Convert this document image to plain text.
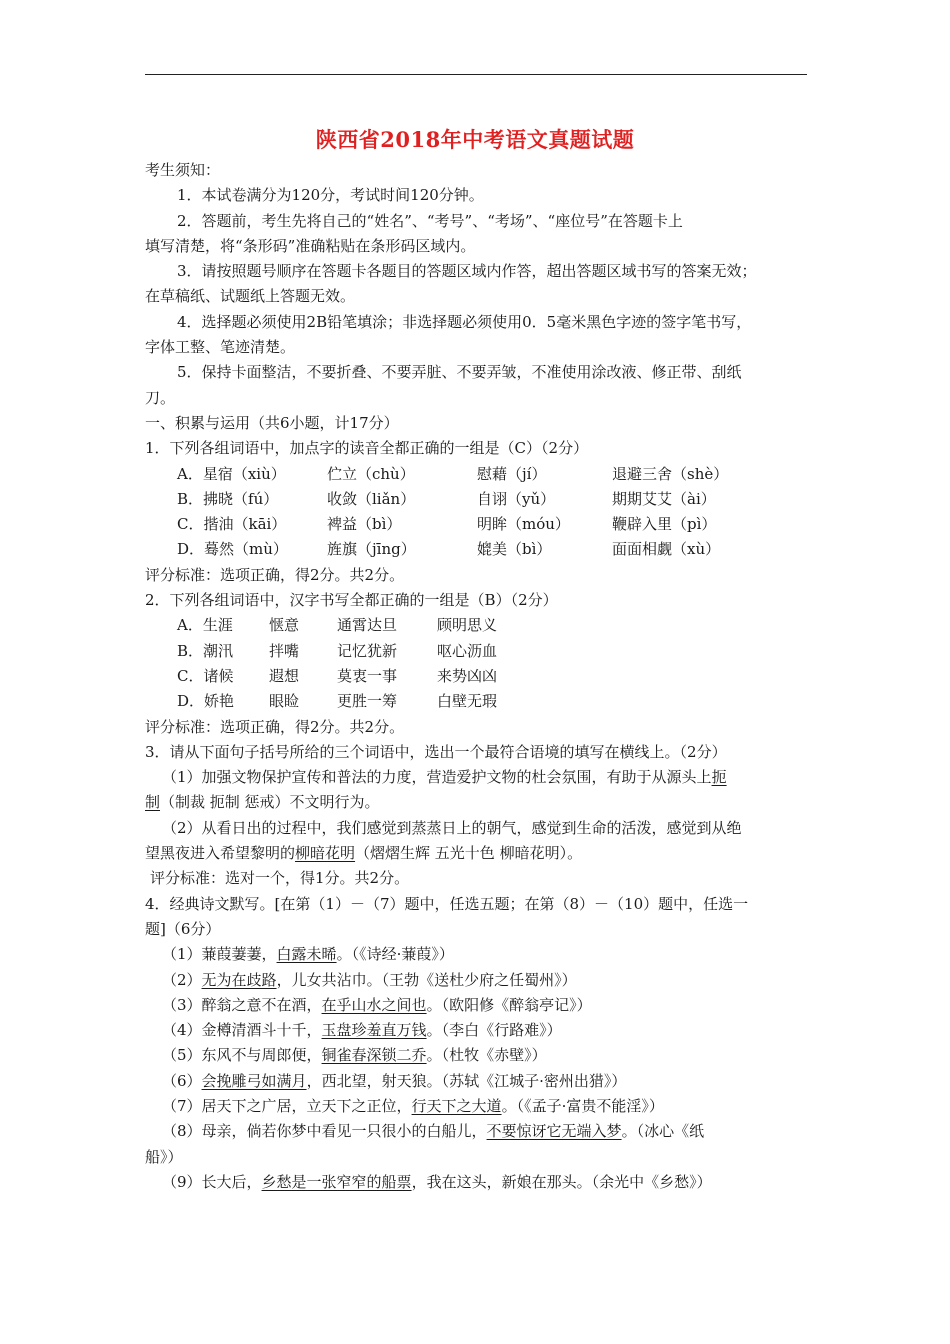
陕西省2018年中考语文真题试题
考生须知：
1．本试卷满分为120分，考试时间120分钟。
2．答题前，考生先将自己的“姓名”、“考号”、“考场”、“座位号”在答题卡上
填写清楚，将“条形码”准确粘贴在条形码区域内。
3．请按照题号顺序在答题卡各题目的答题区域内作答，超出答题区域书写的答案无效；
在草稿纸、试题纸上答题无效。
4．选择题必须使用2B铅笔填涂；非选择题必须使用0．5毫米黑色字迹的签字笔书写，
字体工整、笔迹清楚。
5．保持卡面整洁，不要折叠、不要弄脏、不要弄皱，不准使用涂改液、修正带、刮纸
刀。
一、积累与运用（共6小题，计17分）
1．下列各组词语中，加点字的读音全都正确的一组是（C）（2分）
A．星宿（xiù）	伫立（chù）	慰藉（jí）	退避三舍（shè）
B．拂晓（fú）	收敛（liǎn）	自诩（yǔ）	期期艾艾（ài）
C．揩油（kāi）	裨益（bì）	明眸（móu）	鞭辟入里（pì）
D．蓦然（mù）	旌旗（jīng）	媲美（bì）	面面相觑（xù）
评分标准：选项正确，得2分。共2分。
2．下列各组词语中，汉字书写全都正确的一组是（B）（2分）
A．生涯	惬意	通霄达旦	顾明思义
B．潮汛	拌嘴	记忆犹新	呕心沥血
C．诸候	遐想	莫衷一事	来势凶凶
D．娇艳	眼睑	更胜一筹	白壁无瑕
评分标准：选项正确，得2分。共2分。
3．请从下面句子括号所给的三个词语中，选出一个最符合语境的填写在横线上。（2分）
（1）加强文物保护宣传和普法的力度，营造爱护文物的杜会氛围，有助于从源头上扼
制（制裁 扼制 惩戒）不文明行为。
（2）从看日出的过程中，我们感觉到蒸蒸日上的朝气，感觉到生命的活泼，感觉到从绝
望黑夜进入希望黎明的柳暗花明（熠熠生辉 五光十色 柳暗花明）。
评分标准：选对一个，得1分。共2分。
4．经典诗文默写。[在第（1）－（7）题中，任选五题；在第（8）－（10）题中，任选一
题]（6分）
（1）蒹葭萋萋，白露未晞。（《诗经·蒹葭》）
（2）无为在歧路，儿女共沾巾。（王勃《送杜少府之任蜀州》）
（3）醉翁之意不在酒，在乎山水之间也。（欧阳修《醉翁亭记》）
（4）金樽清酒斗十千，玉盘珍羞直万钱。（李白《行路难》）
（5）东风不与周郎便，铜雀春深锁二乔。（杜牧《赤壁》）
（6）会挽雕弓如满月，西北望，射天狼。（苏轼《江城子·密州出猎》）
（7）居天下之广居，立天下之正位，行天下之大道。（《孟子·富贵不能淫》）
（8）母亲，倘若你梦中看见一只很小的白船儿，不要惊讶它无端入梦。（冰心《纸
船》）
（9）长大后，乡愁是一张窄窄的船票，我在这头，新娘在那头。（余光中《乡愁》）
